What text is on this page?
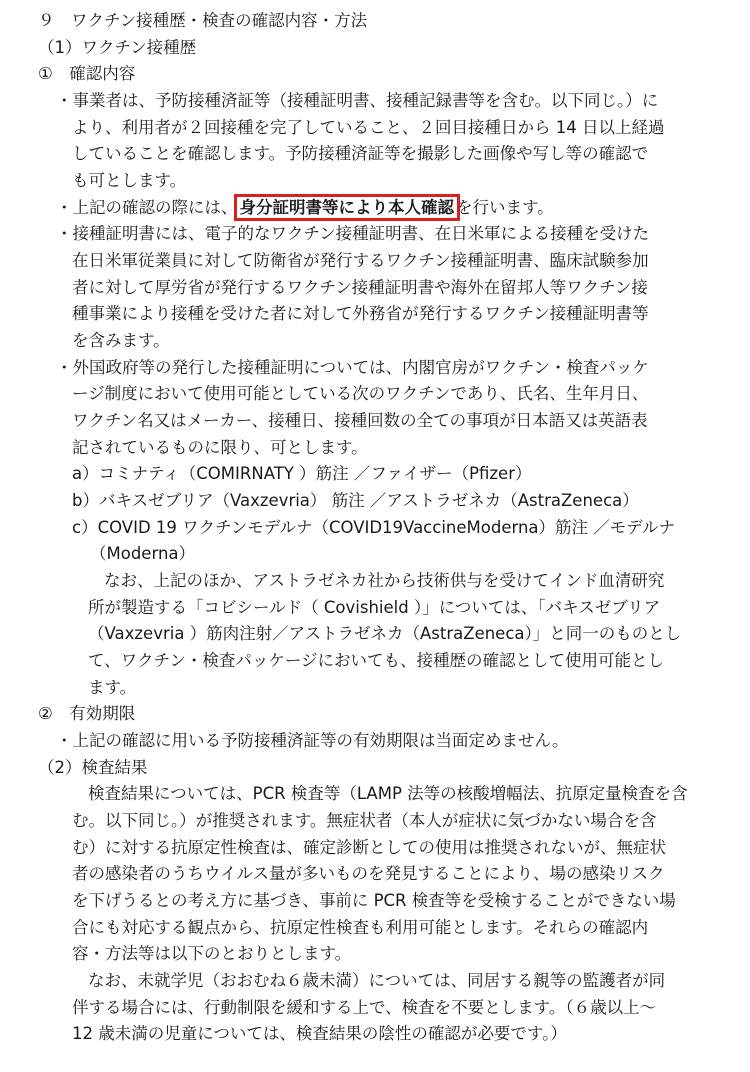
９　ワクチン接種歴・検査の確認内容・方法
（1）ワクチン接種歴
①　確認内容
・事業者は、予防接種済証等（接種証明書、接種記録書等を含む。以下同じ。）に
より、利用者が２回接種を完了していること、２回目接種日から 14 日以上経過
していることを確認します。予防接種済証等を撮影した画像や写し等の確認で
も可とします。
・上記の確認の際には、 身分証明書等により本人確認 を行います。
・接種証明書には、電子的なワクチン接種証明書、在日米軍による接種を受けた
在日米軍従業員に対して防衛省が発行するワクチン接種証明書、臨床試験参加
者に対して厚労省が発行するワクチン接種証明書や海外在留邦人等ワクチン接
種事業により接種を受けた者に対して外務省が発行するワクチン接種証明書等
を含みます。
・外国政府等の発行した接種証明については、内閣官房がワクチン・検査パッケ
ージ制度において使用可能としている次のワクチンであり、氏名、生年月日、
ワクチン名又はメーカー、接種日、接種回数の全ての事項が日本語又は英語表
記されているものに限り、可とします。
a）コミナティ（COMIRNATY ）筋注 ／ファイザー（Pfizer）
b）バキスゼブリア（Vaxzevria） 筋注 ／アストラゼネカ（AstraZeneca）
c）COVID 19 ワクチンモデルナ（COVID19VaccineModerna）筋注 ／モデルナ
（Moderna）
なお、上記のほか、アストラゼネカ社から技術供与を受けてインド血清研究
所が製造する「コビシールド（ Covishield ）」については、「バキスゼブリア
（Vaxzevria ）筋肉注射／アストラゼネカ（AstraZeneca）」と同一のものとし
て、ワクチン・検査パッケージにおいても、接種歴の確認として使用可能とし
ます。
②　有効期限
・上記の確認に用いる予防接種済証等の有効期限は当面定めません。
（2）検査結果
検査結果については、PCR 検査等（LAMP 法等の核酸増幅法、抗原定量検査を含
む。以下同じ。）が推奨されます。無症状者（本人が症状に気づかない場合を含
む）に対する抗原定性検査は、確定診断としての使用は推奨されないが、無症状
者の感染者のうちウイルス量が多いものを発見することにより、場の感染リスク
を下げうるとの考え方に基づき、事前に PCR 検査等を受検することができない場
合にも対応する観点から、抗原定性検査も利用可能とします。それらの確認内
容・方法等は以下のとおりとします。
なお、未就学児（おおむね６歳未満）については、同居する親等の監護者が同
伴する場合には、行動制限を緩和する上で、検査を不要とします。（６歳以上～
12 歳未満の児童については、検査結果の陰性の確認が必要です。）
